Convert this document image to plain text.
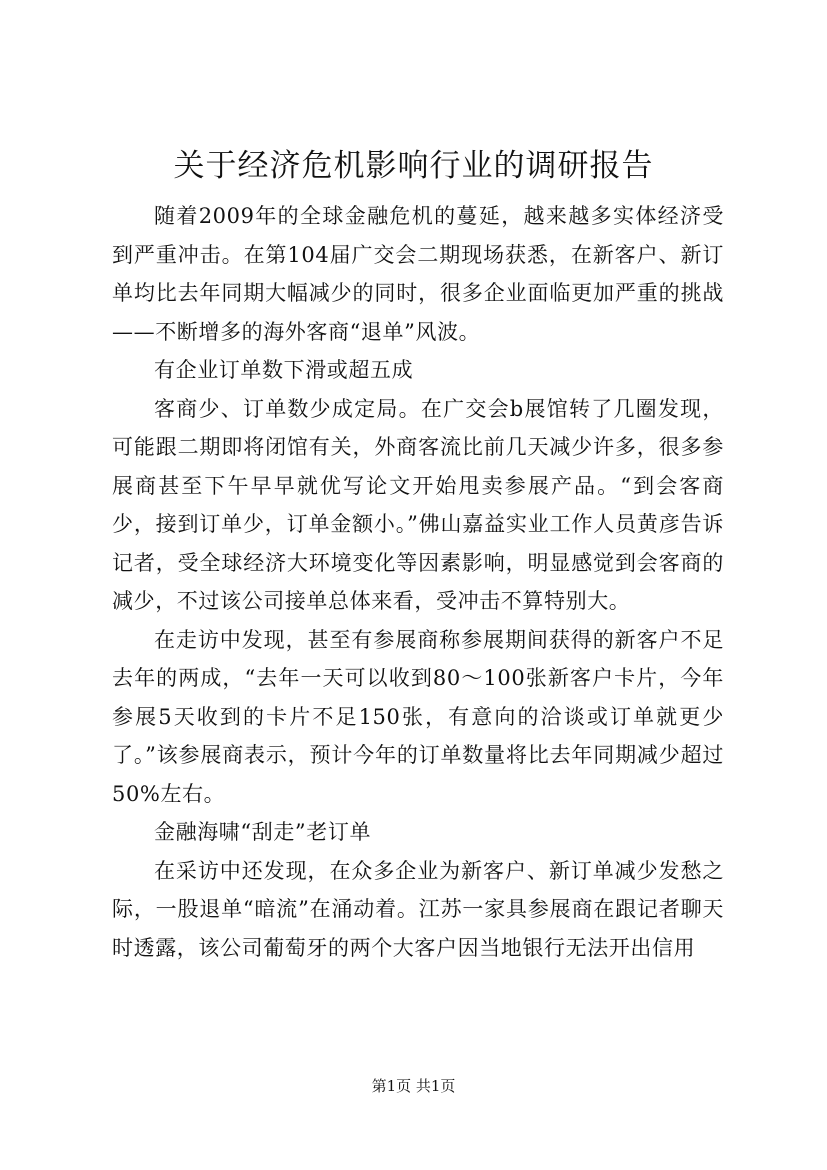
关于经济危机影响行业的调研报告

随着2009年的全球金融危机的蔓延，越来越多实体经济受到严重冲击。在第104届广交会二期现场获悉，在新客户、新订单均比去年同期大幅减少的同时，很多企业面临更加严重的挑战——不断增多的海外客商“退单”风波。

有企业订单数下滑或超五成

客商少、订单数少成定局。在广交会b展馆转了几圈发现，可能跟二期即将闭馆有关，外商客流比前几天减少许多，很多参展商甚至下午早早就优写论文开始甩卖参展产品。“到会客商少，接到订单少，订单金额小。”佛山嘉益实业工作人员黄彦告诉记者，受全球经济大环境变化等因素影响，明显感觉到会客商的减少，不过该公司接单总体来看，受冲击不算特别大。

在走访中发现，甚至有参展商称参展期间获得的新客户不足去年的两成，“去年一天可以收到80～100张新客户卡片，今年参展5天收到的卡片不足150张，有意向的洽谈或订单就更少了。”该参展商表示，预计今年的订单数量将比去年同期减少超过50%左右。

金融海啸“刮走”老订单

在采访中还发现，在众多企业为新客户、新订单减少发愁之际，一股退单“暗流”在涌动着。江苏一家具参展商在跟记者聊天时透露，该公司葡萄牙的两个大客户因当地银行无法开出信用

第1页 共1页
